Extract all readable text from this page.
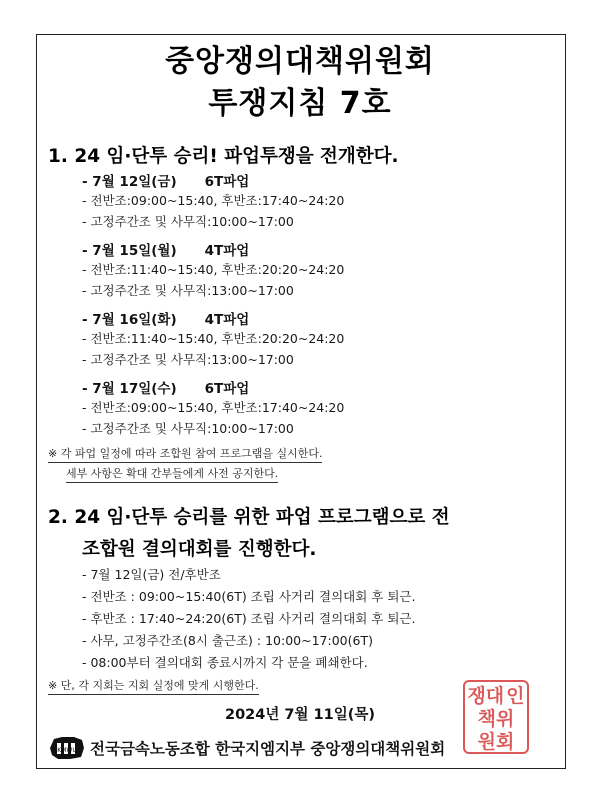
중앙쟁의대책위원회
투쟁지침 7호
1. 24 임·단투 승리! 파업투쟁을 전개한다.
- 7월 12일(금) 6T파업
- 전반조:09:00~15:40, 후반조:17:40~24:20
- 고정주간조 및 사무직:10:00~17:00
- 7월 15일(월) 4T파업
- 전반조:11:40~15:40, 후반조:20:20~24:20
- 고정주간조 및 사무직:13:00~17:00
- 7월 16일(화) 4T파업
- 전반조:11:40~15:40, 후반조:20:20~24:20
- 고정주간조 및 사무직:13:00~17:00
- 7월 17일(수) 6T파업
- 전반조:09:00~15:40, 후반조:17:40~24:20
- 고정주간조 및 사무직:10:00~17:00
※ 각 파업 일정에 따라 조합원 참여 프로그램을 실시한다.
세부 사항은 확대 간부들에게 사전 공지한다.
2. 24 임·단투 승리를 위한 파업 프로그램으로 전
조합원 결의대회를 진행한다.
- 7월 12일(금) 전/후반조
- 전반조 : 09:00~15:40(6T) 조립 사거리 결의대회 후 퇴근.
- 후반조 : 17:40~24:20(6T) 조립 사거리 결의대회 후 퇴근.
- 사무, 고정주간조(8시 출근조) : 10:00~17:00(6T)
- 08:00부터 결의대회 종료시까지 각 문을 폐쇄한다.
※ 단, 각 지회는 지회 실정에 맞게 시행한다.
2024년 7월 11일(목)
KMWU 전국금속노동조합 한국지엠지부 중앙쟁의대책위원회
쟁대 인
책위
원회
